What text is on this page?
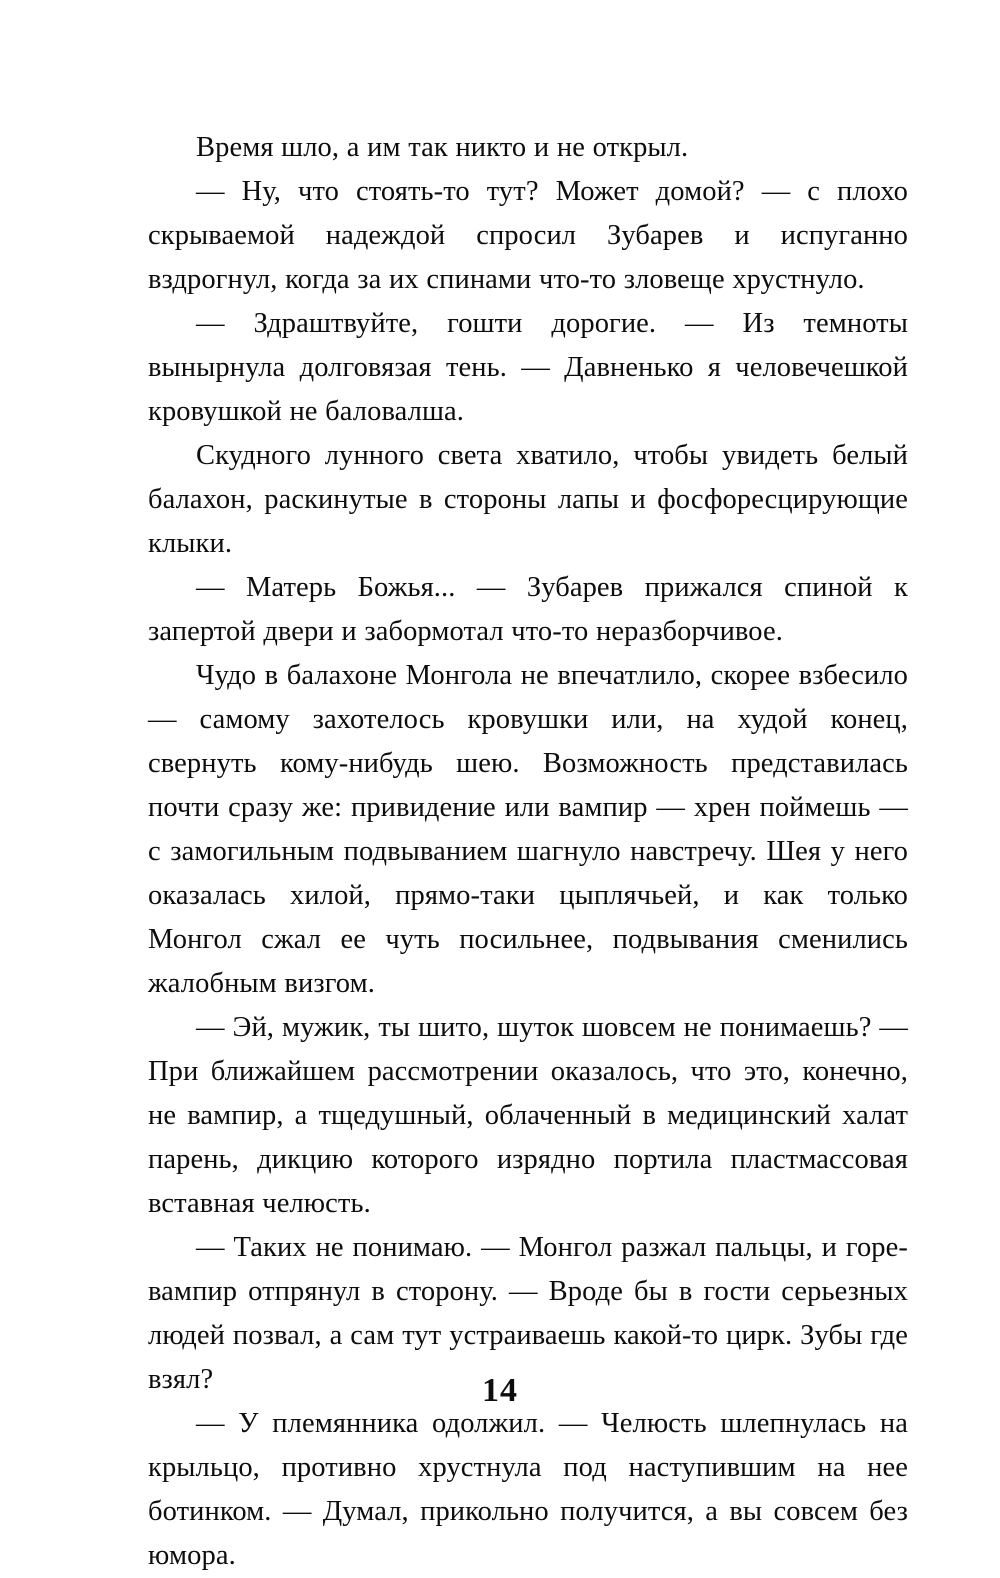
Время шло, а им так никто и не открыл.

— Ну, что стоять-то тут? Может домой? — с плохо скрываемой надеждой спросил Зубарев и испуганно вздрогнул, когда за их спинами что-то зловеще хрустнуло.

— Здраштвуйте, гошти дорогие. — Из темноты вынырнула долговязая тень. — Давненько я человечешкой кровушкой не баловалша.

Скудного лунного света хватило, чтобы увидеть белый балахон, раскинутые в стороны лапы и фосфоресцирующие клыки.

— Матерь Божья... — Зубарев прижался спиной к запертой двери и забормотал что-то неразборчивое.

Чудо в балахоне Монгола не впечатлило, скорее взбесило — самому захотелось кровушки или, на худой конец, свернуть кому-нибудь шею. Возможность представилась почти сразу же: привидение или вампир — хрен поймешь — с замогильным подвыванием шагнуло навстречу. Шея у него оказалась хилой, прямо-таки цыплячьей, и как только Монгол сжал ее чуть посильнее, подвывания сменились жалобным визгом.

— Эй, мужик, ты шито, шуток шовсем не понимаешь? — При ближайшем рассмотрении оказалось, что это, конечно, не вампир, а тщедушный, облаченный в медицинский халат парень, дикцию которого изрядно портила пластмассовая вставная челюсть.

— Таких не понимаю. — Монгол разжал пальцы, и горе-вампир отпрянул в сторону. — Вроде бы в гости серьезных людей позвал, а сам тут устраиваешь какой-то цирк. Зубы где взял?

— У племянника одолжил. — Челюсть шлепнулась на крыльцо, противно хрустнула под наступившим на нее ботинком. — Думал, прикольно получится, а вы совсем без юмора.

14
